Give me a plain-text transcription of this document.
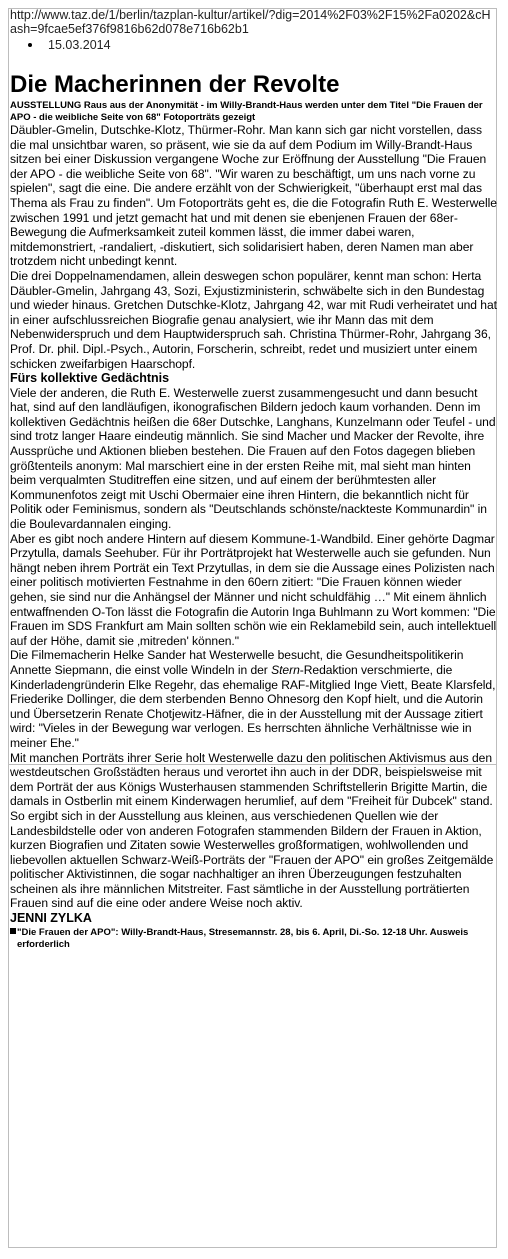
http://www.taz.de/1/berlin/tazplan-kultur/artikel/?dig=2014%2F03%2F15%2Fa0202&cHash=9fcae5ef376f9816b62d078e716b62b1
15.03.2014
Die Macherinnen der Revolte
AUSSTELLUNG Raus aus der Anonymität - im Willy-Brandt-Haus werden unter dem Titel "Die Frauen der APO - die weibliche Seite von 68" Fotoporträts gezeigt

Däubler-Gmelin, Dutschke-Klotz, Thürmer-Rohr. Man kann sich gar nicht vorstellen, dass die mal unsichtbar waren, so präsent, wie sie da auf dem Podium im Willy-Brandt-Haus sitzen bei einer Diskussion vergangene Woche zur Eröffnung der Ausstellung "Die Frauen der APO - die weibliche Seite von 68". "Wir waren zu beschäftigt, um uns nach vorne zu spielen", sagt die eine. Die andere erzählt von der Schwierigkeit, "überhaupt erst mal das Thema als Frau zu finden". Um Fotoporträts geht es, die die Fotografin Ruth E. Westerwelle zwischen 1991 und jetzt gemacht hat und mit denen sie ebenjenen Frauen der 68er-Bewegung die Aufmerksamkeit zuteil kommen lässt, die immer dabei waren, mitdemonstriert, -randaliert, -diskutiert, sich solidarisiert haben, deren Namen man aber trotzdem nicht unbedingt kennt.

Die drei Doppelnamendamen, allein deswegen schon populärer, kennt man schon: Herta Däubler-Gmelin, Jahrgang 43, Sozi, Exjustizministerin, schwäbelte sich in den Bundestag und wieder hinaus. Gretchen Dutschke-Klotz, Jahrgang 42, war mit Rudi verheiratet und hat in einer aufschlussreichen Biografie genau analysiert, wie ihr Mann das mit dem Nebenwiderspruch und dem Hauptwiderspruch sah. Christina Thürmer-Rohr, Jahrgang 36, Prof. Dr. phil. Dipl.-Psych., Autorin, Forscherin, schreibt, redet und musiziert unter einem schicken zweifarbigen Haarschopf.

Fürs kollektive Gedächtnis

Viele der anderen, die Ruth E. Westerwelle zuerst zusammengesucht und dann besucht hat, sind auf den landläufigen, ikonografischen Bildern jedoch kaum vorhanden. Denn im kollektiven Gedächtnis heißen die 68er Dutschke, Langhans, Kunzelmann oder Teufel - und sind trotz langer Haare eindeutig männlich. Sie sind Macher und Macker der Revolte, ihre Aussprüche und Aktionen blieben bestehen. Die Frauen auf den Fotos dagegen blieben größtenteils anonym: Mal marschiert eine in der ersten Reihe mit, mal sieht man hinten beim verqualmten Studitreffen eine sitzen, und auf einem der berühmtesten aller Kommunenfotos zeigt mit Uschi Obermaier eine ihren Hintern, die bekanntlich nicht für Politik oder Feminismus, sondern als "Deutschlands schönste/nackteste Kommunardin" in die Boulevardannalen einging.

Aber es gibt noch andere Hintern auf diesem Kommune-1-Wandbild. Einer gehörte Dagmar Przytulla, damals Seehuber. Für ihr Porträtprojekt hat Westerwelle auch sie gefunden. Nun hängt neben ihrem Porträt ein Text Przytullas, in dem sie die Aussage eines Polizisten nach einer politisch motivierten Festnahme in den 60ern zitiert: "Die Frauen können wieder gehen, sie sind nur die Anhängsel der Männer und nicht schuldfähig …" Mit einem ähnlich entwaffnenden O-Ton lässt die Fotografin die Autorin Inga Buhlmann zu Wort kommen: "Die Frauen im SDS Frankfurt am Main sollten schön wie ein Reklamebild sein, auch intellektuell auf der Höhe, damit sie ‚mitreden' können."

Die Filmemacherin Helke Sander hat Westerwelle besucht, die Gesundheitspolitikerin Annette Siepmann, die einst volle Windeln in der Stern-Redaktion verschmierte, die Kinderladengründerin Elke Regehr, das ehemalige RAF-Mitglied Inge Viett, Beate Klarsfeld, Friederike Dollinger, die dem sterbenden Benno Ohnesorg den Kopf hielt, und die Autorin und Übersetzerin Renate Chotjewitz-Häfner, die in der Ausstellung mit der Aussage zitiert wird: "Vieles in der Bewegung war verlogen. Es herrschten ähnliche Verhältnisse wie in meiner Ehe."

Mit manchen Porträts ihrer Serie holt Westerwelle dazu den politischen Aktivismus aus den westdeutschen Großstädten heraus und verortet ihn auch in der DDR, beispielsweise mit dem Porträt der aus Königs Wusterhausen stammenden Schriftstellerin Brigitte Martin, die damals in Ostberlin mit einem Kinderwagen herumlief, auf dem "Freiheit für Dubcek" stand.

So ergibt sich in der Ausstellung aus kleinen, aus verschiedenen Quellen wie der Landesbildstelle oder von anderen Fotografen stammenden Bildern der Frauen in Aktion, kurzen Biografien und Zitaten sowie Westerwelles großformatigen, wohlwollenden und liebevollen aktuellen Schwarz-Weiß-Porträts der "Frauen der APO" ein großes Zeitgemälde politischer Aktivistinnen, die sogar nachhaltiger an ihren Überzeugungen festzuhalten scheinen als ihre männlichen Mitstreiter. Fast sämtliche in der Ausstellung porträtierten Frauen sind auf die eine oder andere Weise noch aktiv.

JENNI ZYLKA
"Die Frauen der APO": Willy-Brandt-Haus, Stresemannstr. 28, bis 6. April, Di.-So. 12-18 Uhr. Ausweis erforderlich
